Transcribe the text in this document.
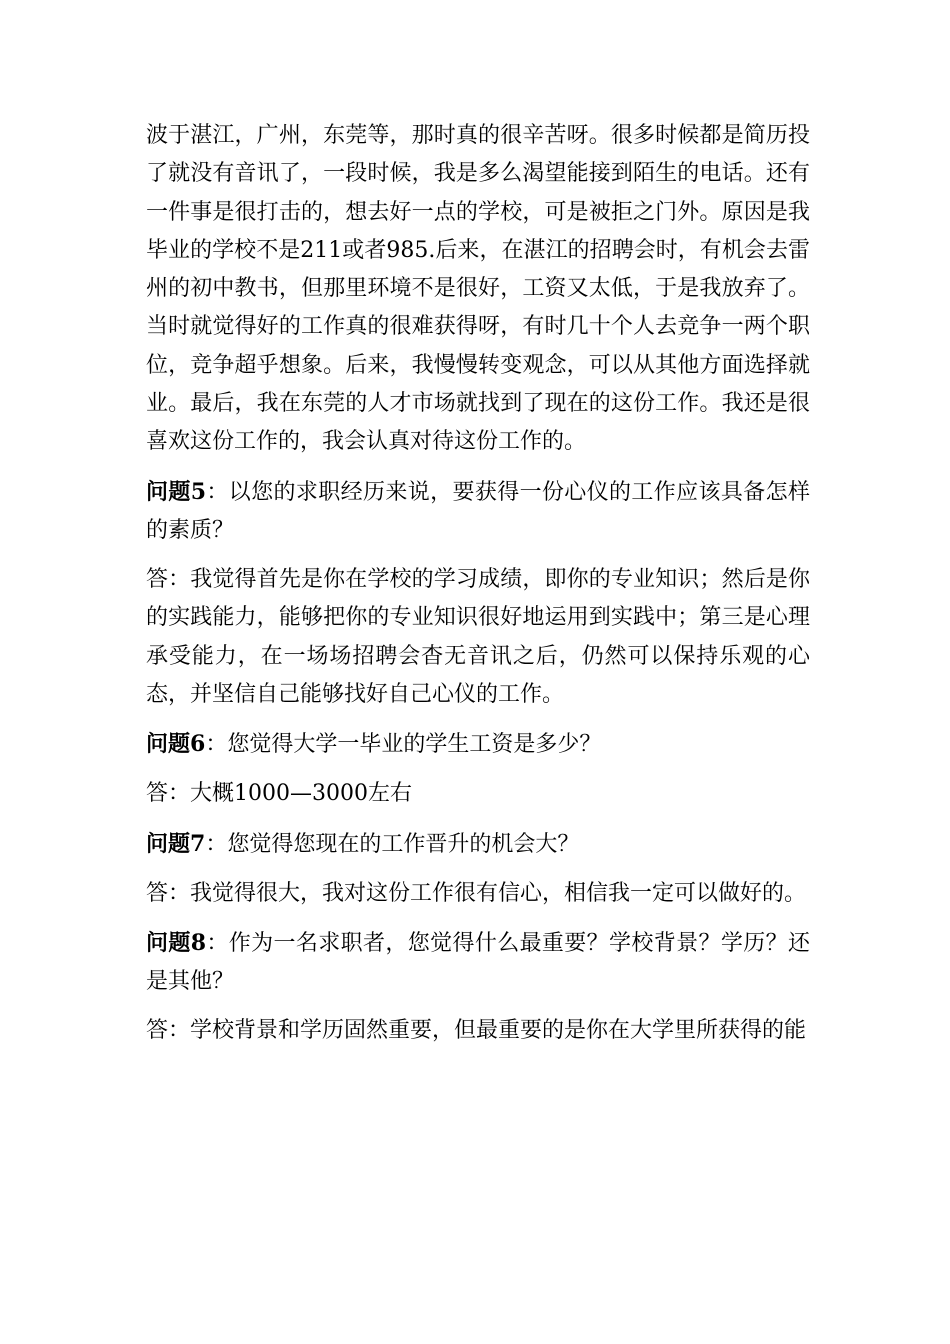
波于湛江，广州，东莞等，那时真的很辛苦呀。很多时候都是简历投了就没有音讯了，一段时候，我是多么渴望能接到陌生的电话。还有一件事是很打击的，想去好一点的学校，可是被拒之门外。原因是我毕业的学校不是211或者985.后来，在湛江的招聘会时，有机会去雷州的初中教书，但那里环境不是很好，工资又太低，于是我放弃了。当时就觉得好的工作真的很难获得呀，有时几十个人去竞争一两个职位，竞争超乎想象。后来，我慢慢转变观念，可以从其他方面选择就业。最后，我在东莞的人才市场就找到了现在的这份工作。我还是很喜欢这份工作的，我会认真对待这份工作的。

问题5：以您的求职经历来说，要获得一份心仪的工作应该具备怎样的素质？

答：我觉得首先是你在学校的学习成绩，即你的专业知识；然后是你的实践能力，能够把你的专业知识很好地运用到实践中；第三是心理承受能力，在一场场招聘会杳无音讯之后，仍然可以保持乐观的心态，并坚信自己能够找好自己心仪的工作。

问题6：您觉得大学一毕业的学生工资是多少？

答：大概1000—3000左右

问题7：您觉得您现在的工作晋升的机会大？

答：我觉得很大，我对这份工作很有信心，相信我一定可以做好的。

问题8：作为一名求职者，您觉得什么最重要？学校背景？学历？还是其他？

答：学校背景和学历固然重要，但最重要的是你在大学里所获得的能
